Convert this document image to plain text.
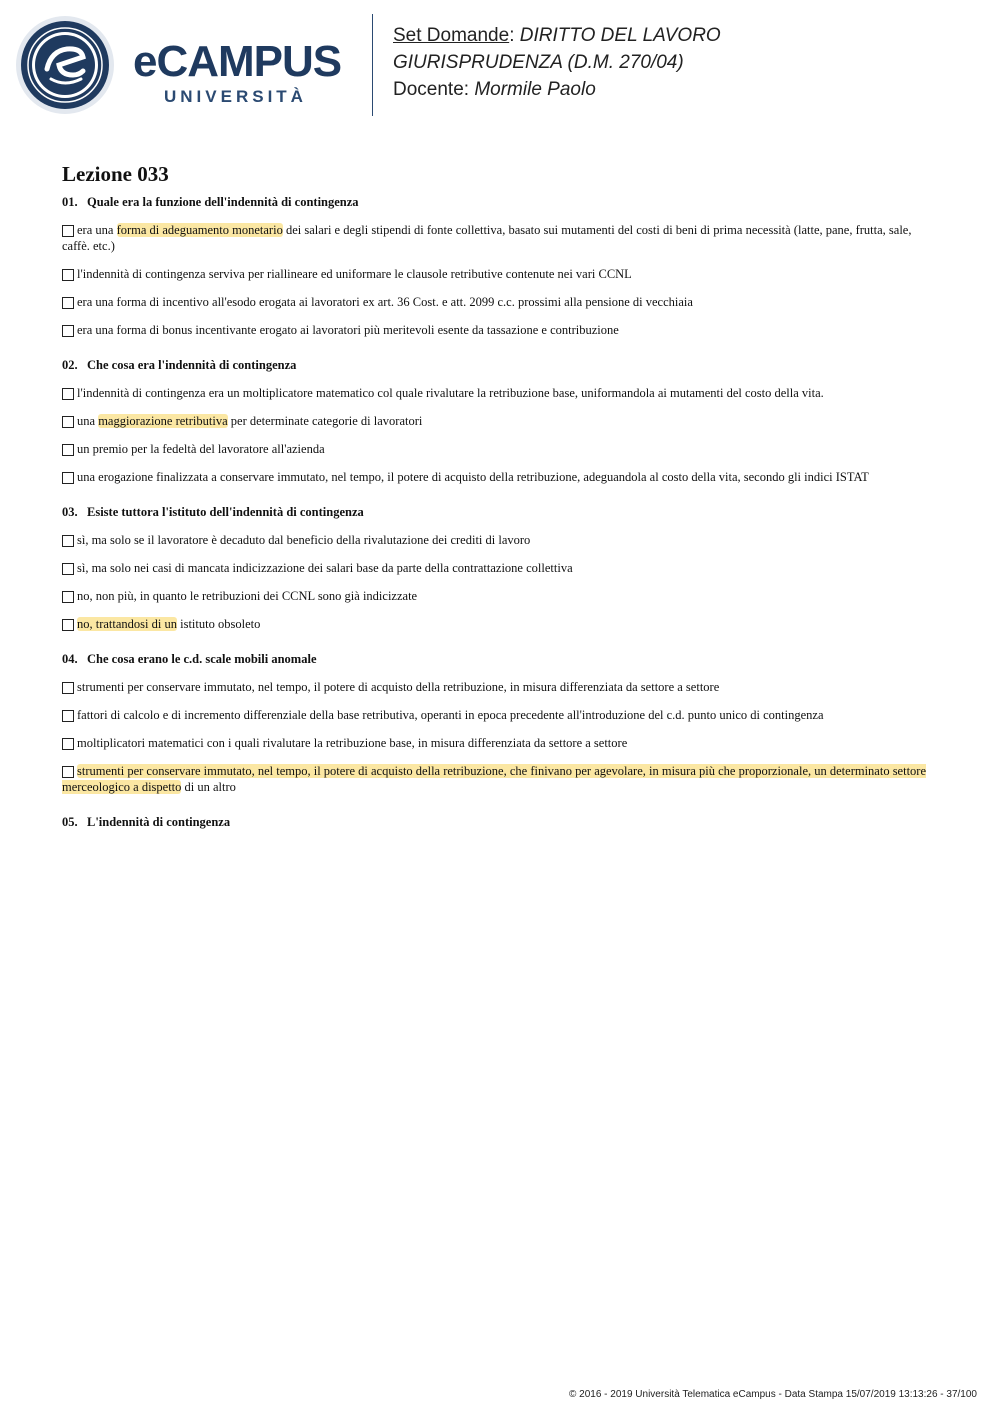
eCAMPUS
UNIVERSITÀ
Set Domande: DIRITTO DEL LAVORO
GIURISPRUDENZA (D.M. 270/04)
Docente: Mormile Paolo
Lezione 033
01. Quale era la funzione dell'indennità di contingenza
era una forma di adeguamento monetario dei salari e degli stipendi di fonte collettiva, basato sui mutamenti del costi di beni di prima necessità (latte, pane, frutta, sale, caffè. etc.)
l'indennità di contingenza serviva per riallineare ed uniformare le clausole retributive contenute nei vari CCNL
era una forma di incentivo all'esodo erogata ai lavoratori ex art. 36 Cost. e att. 2099 c.c. prossimi alla pensione di vecchiaia
era una forma di bonus incentivante erogato ai lavoratori più meritevoli esente da tassazione e contribuzione
02. Che cosa era l'indennità di contingenza
l'indennità di contingenza era un moltiplicatore matematico col quale rivalutare la retribuzione base, uniformandola ai mutamenti del costo della vita.
una maggiorazione retributiva per determinate categorie di lavoratori
un premio per la fedeltà del lavoratore all'azienda
una erogazione finalizzata a conservare immutato, nel tempo, il potere di acquisto della retribuzione, adeguandola al costo della vita, secondo gli indici ISTAT
03. Esiste tuttora l'istituto dell'indennità di contingenza
sì, ma solo se il lavoratore è decaduto dal beneficio della rivalutazione dei crediti di lavoro
sì, ma solo nei casi di mancata indicizzazione dei salari base da parte della contrattazione collettiva
no, non più, in quanto le retribuzioni dei CCNL sono già indicizzate
no, trattandosi di un istituto obsoleto
04. Che cosa erano le c.d. scale mobili anomale
strumenti per conservare immutato, nel tempo, il potere di acquisto della retribuzione, in misura differenziata da settore a settore
fattori di calcolo e di incremento differenziale della base retributiva, operanti in epoca precedente all'introduzione del c.d. punto unico di contingenza
moltiplicatori matematici con i quali rivalutare la retribuzione base, in misura differenziata da settore a settore
strumenti per conservare immutato, nel tempo, il potere di acquisto della retribuzione, che finivano per agevolare, in misura più che proporzionale, un determinato settore merceologico a dispetto di un altro
05. L'indennità di contingenza
© 2016 - 2019 Università Telematica eCampus - Data Stampa 15/07/2019 13:13:26 - 37/100
